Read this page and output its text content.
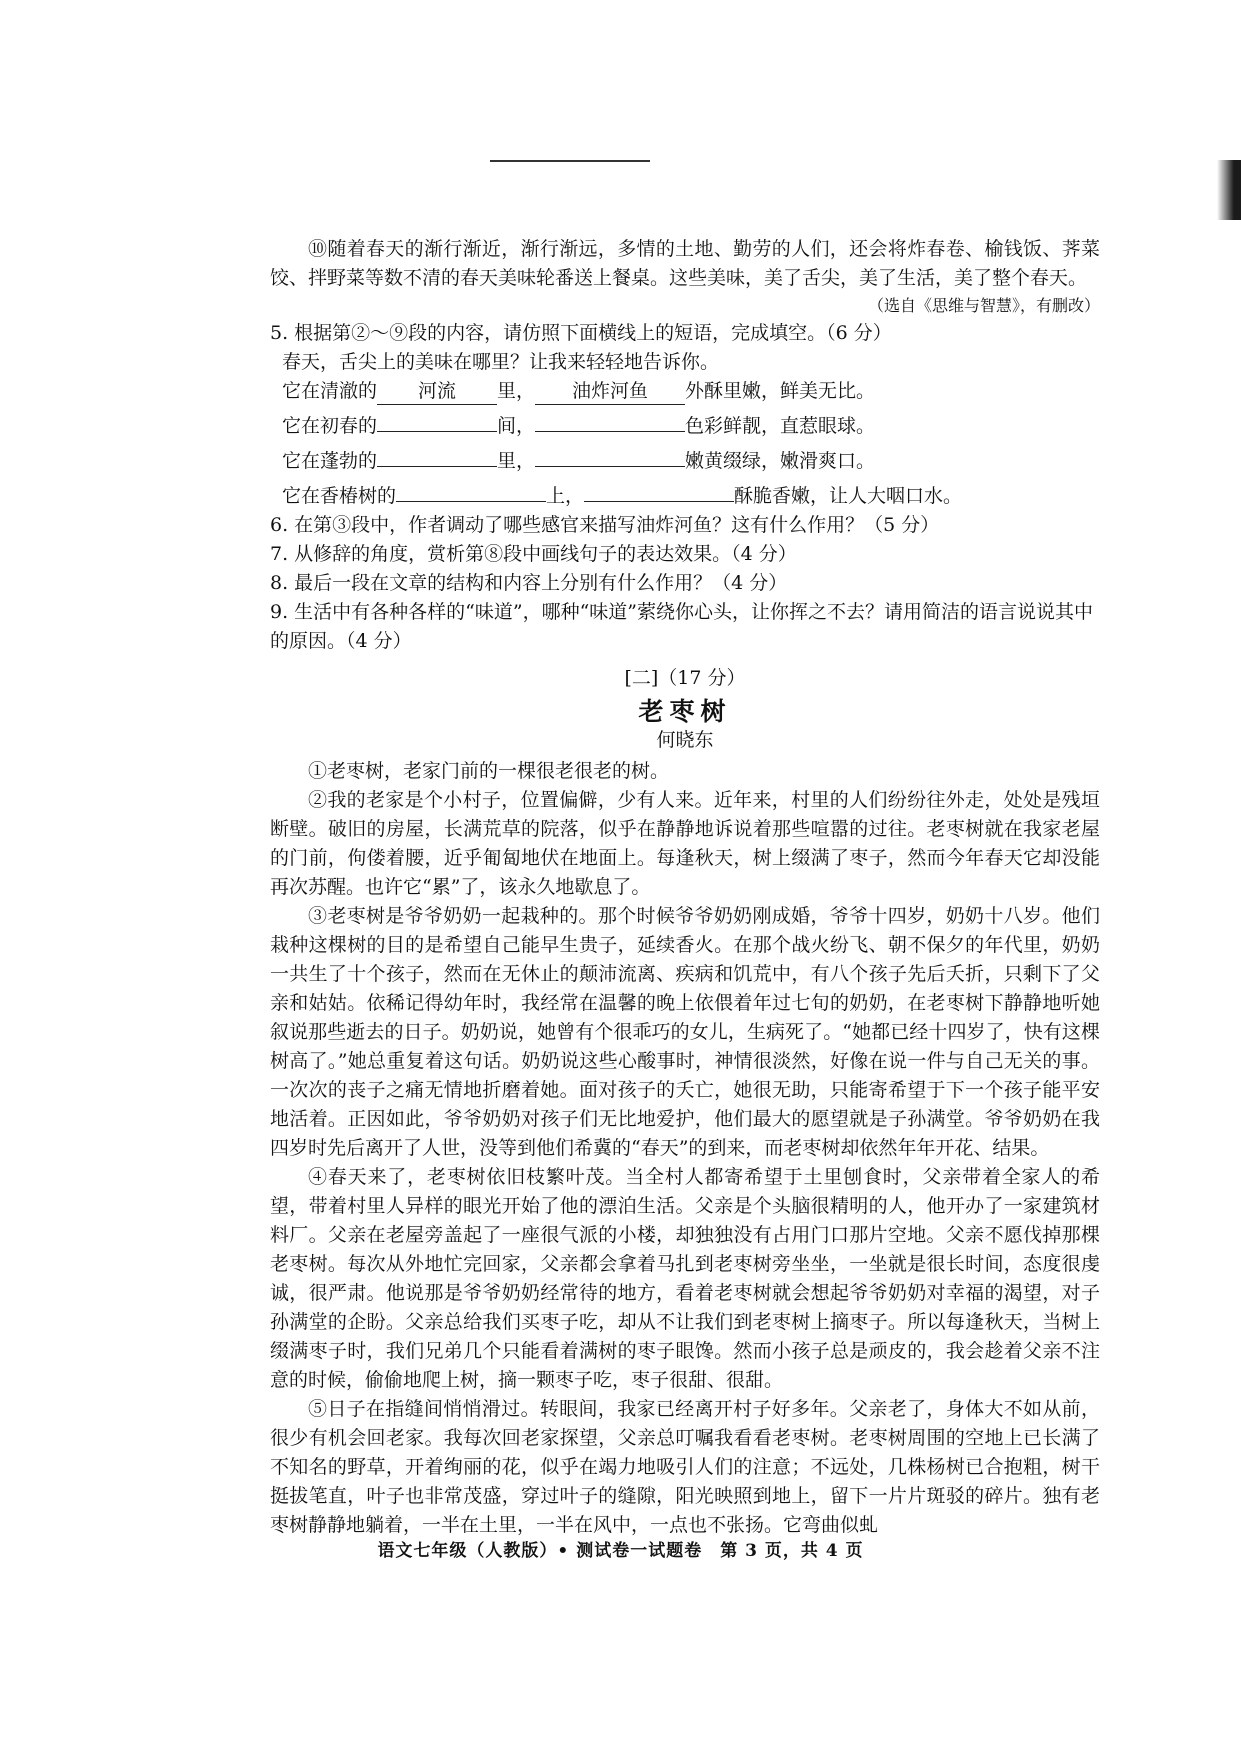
⑩随着春天的渐行渐近，渐行渐远，多情的土地、勤劳的人们，还会将炸春卷、榆钱饭、荠菜饺、拌野菜等数不清的春天美味轮番送上餐桌。这些美味，美了舌尖，美了生活，美了整个春天。

（选自《思维与智慧》，有删改）

5. 根据第②～⑨段的内容，请仿照下面横线上的短语，完成填空。（6 分）

春天，舌尖上的美味在哪里？让我来轻轻地告诉你。

它在清澈的 河流 里， 油炸河鱼 外酥里嫩，鲜美无比。
它在初春的	间，	色彩鲜靓，直惹眼球。
它在蓬勃的	里，	嫩黄缀绿，嫩滑爽口。
它在香椿树的	上，	酥脆香嫩，让人大咽口水。

6. 在第③段中，作者调动了哪些感官来描写油炸河鱼？这有什么作用？（5 分）

7. 从修辞的角度，赏析第⑧段中画线句子的表达效果。（4 分）

8. 最后一段在文章的结构和内容上分别有什么作用？（4 分）

9. 生活中有各种各样的“味道”，哪种“味道”萦绕你心头，让你挥之不去？请用简洁的语言说说其中的原因。（4 分）

[二]（17 分）

老枣树

何晓东

①老枣树，老家门前的一棵很老很老的树。

②我的老家是个小村子，位置偏僻，少有人来。近年来，村里的人们纷纷往外走，处处是残垣断壁。破旧的房屋，长满荒草的院落，似乎在静静地诉说着那些喧嚣的过往。老枣树就在我家老屋的门前，佝偻着腰，近乎匍匐地伏在地面上。每逢秋天，树上缀满了枣子，然而今年春天它却没能再次苏醒。也许它“累”了，该永久地歇息了。

③老枣树是爷爷奶奶一起栽种的。那个时候爷爷奶奶刚成婚，爷爷十四岁，奶奶十八岁。他们栽种这棵树的目的是希望自己能早生贵子，延续香火。在那个战火纷飞、朝不保夕的年代里，奶奶一共生了十个孩子，然而在无休止的颠沛流离、疾病和饥荒中，有八个孩子先后夭折，只剩下了父亲和姑姑。依稀记得幼年时，我经常在温馨的晚上依偎着年过七旬的奶奶，在老枣树下静静地听她叙说那些逝去的日子。奶奶说，她曾有个很乖巧的女儿，生病死了。“她都已经十四岁了，快有这棵树高了。”她总重复着这句话。奶奶说这些心酸事时，神情很淡然，好像在说一件与自己无关的事。一次次的丧子之痛无情地折磨着她。面对孩子的夭亡，她很无助，只能寄希望于下一个孩子能平安地活着。正因如此，爷爷奶奶对孩子们无比地爱护，他们最大的愿望就是子孙满堂。爷爷奶奶在我四岁时先后离开了人世，没等到他们希冀的“春天”的到来，而老枣树却依然年年开花、结果。

④春天来了，老枣树依旧枝繁叶茂。当全村人都寄希望于土里刨食时，父亲带着全家人的希望，带着村里人异样的眼光开始了他的漂泊生活。父亲是个头脑很精明的人，他开办了一家建筑材料厂。父亲在老屋旁盖起了一座很气派的小楼，却独独没有占用门口那片空地。父亲不愿伐掉那棵老枣树。每次从外地忙完回家，父亲都会拿着马扎到老枣树旁坐坐，一坐就是很长时间，态度很虔诚，很严肃。他说那是爷爷奶奶经常待的地方，看着老枣树就会想起爷爷奶奶对幸福的渴望，对子孙满堂的企盼。父亲总给我们买枣子吃，却从不让我们到老枣树上摘枣子。所以每逢秋天，当树上缀满枣子时，我们兄弟几个只能看着满树的枣子眼馋。然而小孩子总是顽皮的，我会趁着父亲不注意的时候，偷偷地爬上树，摘一颗枣子吃，枣子很甜、很甜。

⑤日子在指缝间悄悄滑过。转眼间，我家已经离开村子好多年。父亲老了，身体大不如从前，很少有机会回老家。我每次回老家探望，父亲总叮嘱我看看老枣树。老枣树周围的空地上已长满了不知名的野草，开着绚丽的花，似乎在竭力地吸引人们的注意；不远处，几株杨树已合抱粗，树干挺拔笔直，叶子也非常茂盛，穿过叶子的缝隙，阳光映照到地上，留下一片片斑驳的碎片。独有老枣树静静地躺着，一半在土里，一半在风中，一点也不张扬。它弯曲似虬

语文七年级（人教版）• 测试卷一试题卷　第 3 页，共 4 页
